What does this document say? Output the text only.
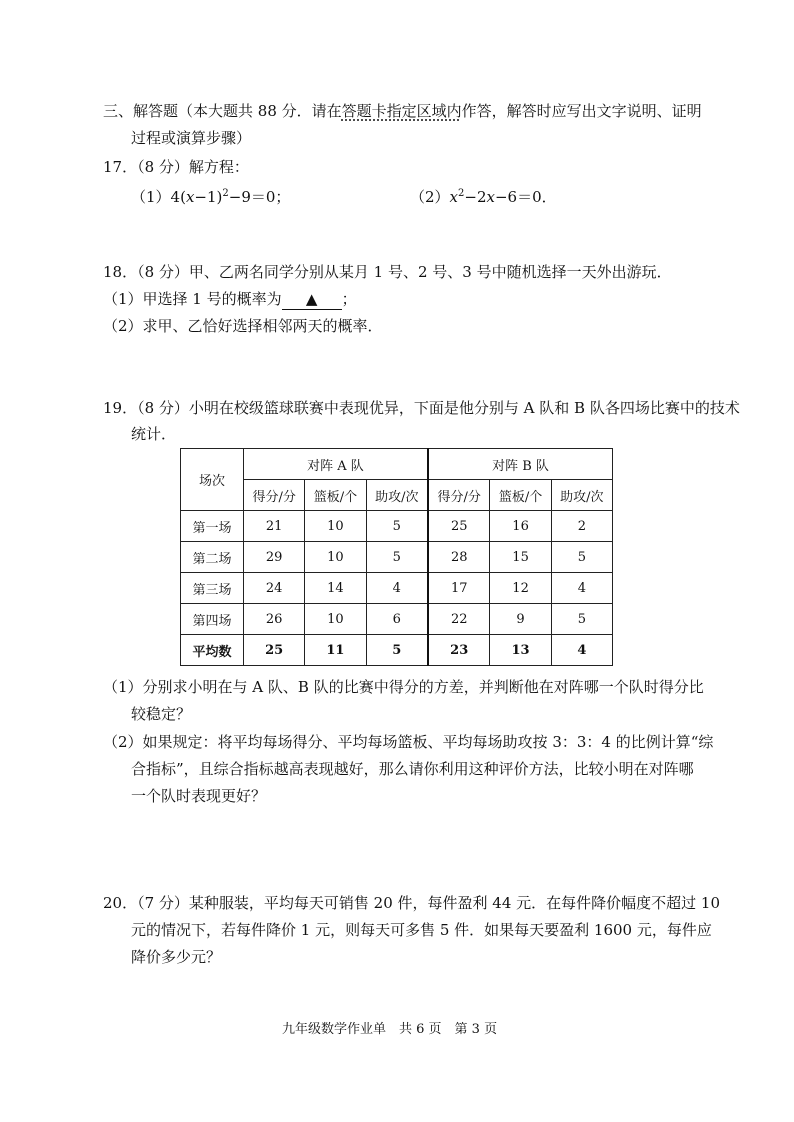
三、解答题（本大题共 88 分．请在答题卡指定区域内作答，解答时应写出文字说明、证明
过程或演算步骤）
17．（8 分）解方程：
$(1)4(x-1)^2-9=0$；	$(2)x^2-2x-6=0$．
18．（8 分）甲、乙两名同学分别从某月 1 号、2 号、3 号中随机选择一天外出游玩．
（1）甲选择 1 号的概率为 ▲ ；
（2）求甲、乙恰好选择相邻两天的概率．
19．（8 分）小明在校级篮球联赛中表现优异，下面是他分别与 A 队和 B 队各四场比赛中的技术
统计．
场次	对阵 A 队			对阵 B 队		
	得分/分	篮板/个	助攻/次	得分/分	篮板/个	助攻/次
第一场	21	10	5	25	16	2
第二场	29	10	5	28	15	5
第三场	24	14	4	17	12	4
第四场	26	10	6	22	9	5
平均数	25	11	5	23	13	4
（1）分别求小明在与 A 队、B 队的比赛中得分的方差，并判断他在对阵哪一个队时得分比
较稳定？
（2）如果规定：将平均每场得分、平均每场篮板、平均每场助攻按 3：3：4 的比例计算“综
合指标”，且综合指标越高表现越好，那么请你利用这种评价方法，比较小明在对阵哪
一个队时表现更好？
20．（7 分）某种服装，平均每天可销售 20 件，每件盈利 44 元．在每件降价幅度不超过 10
元的情况下，若每件降价 1 元，则每天可多售 5 件．如果每天要盈利 1600 元，每件应
降价多少元？
九年级数学作业单　共 6 页　第 3 页
